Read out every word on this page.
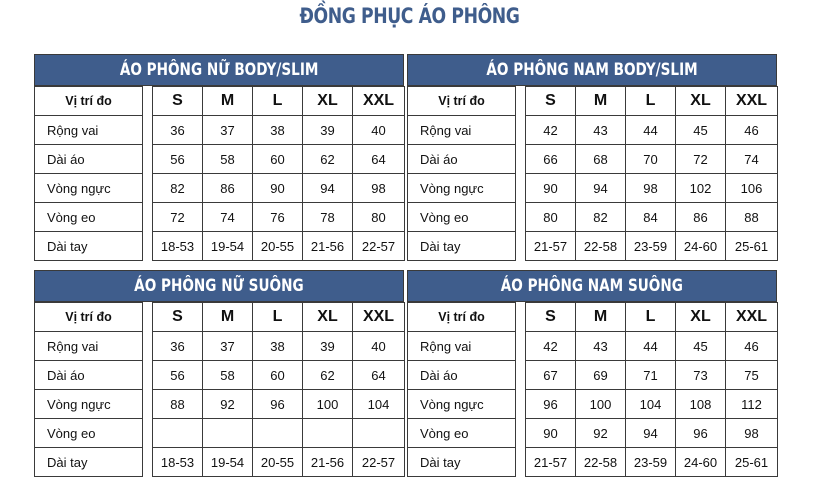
ĐỒNG PHỤC ÁO PHÔNG
ÁO PHÔNG NỮ BODY/SLIM
Vị trí đo		S	M	L	XL	XXL
Rộng vai		36	37	38	39	40
Dài áo		56	58	60	62	64
Vòng ngực		82	86	90	94	98
Vòng eo		72	74	76	78	80
Dài tay		18-53	19-54	20-55	21-56	22-57
ÁO PHÔNG NAM BODY/SLIM
Vị trí đo		S	M	L	XL	XXL
Rộng vai		42	43	44	45	46
Dài áo		66	68	70	72	74
Vòng ngực		90	94	98	102	106
Vòng eo		80	82	84	86	88
Dài tay		21-57	22-58	23-59	24-60	25-61
ÁO PHÔNG NỮ SUÔNG
Vị trí đo		S	M	L	XL	XXL
Rộng vai		36	37	38	39	40
Dài áo		56	58	60	62	64
Vòng ngực		88	92	96	100	104
Vòng eo						
Dài tay		18-53	19-54	20-55	21-56	22-57
ÁO PHÔNG NAM SUÔNG
Vị trí đo		S	M	L	XL	XXL
Rộng vai		42	43	44	45	46
Dài áo		67	69	71	73	75
Vòng ngực		96	100	104	108	112
Vòng eo		90	92	94	96	98
Dài tay		21-57	22-58	23-59	24-60	25-61
